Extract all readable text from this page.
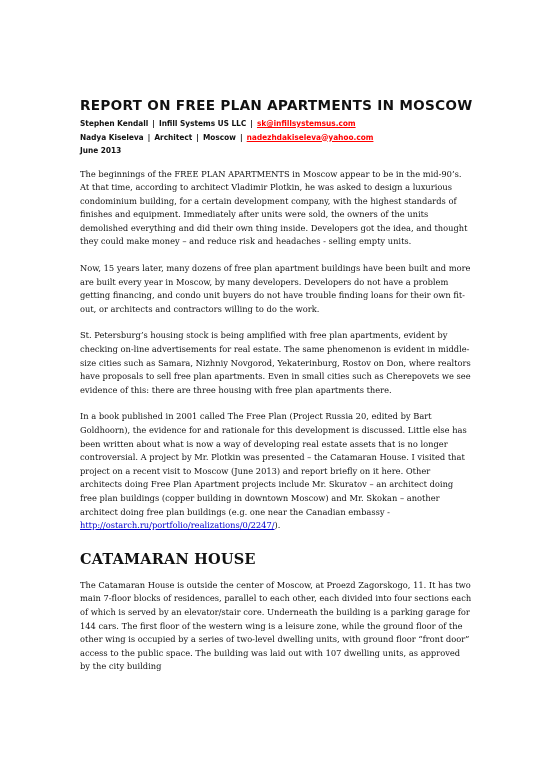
REPORT ON FREE PLAN APARTMENTS IN MOSCOW
Stephen Kendall | Infill Systems US LLC | sk@infillsystemsus.com
Nadya Kiseleva | Architect | Moscow | nadezhdakiseleva@yahoo.com
June 2013

The beginnings of the FREE PLAN APARTMENTS in Moscow appear to be in the mid-90’s. At that time, according to architect Vladimir Plotkin, he was asked to design a luxurious condominium building, for a certain development company, with the highest standards of finishes and equipment. Immediately after units were sold, the owners of the units demolished everything and did their own thing inside. Developers got the idea, and thought they could make money – and reduce risk and headaches - selling empty units.

Now, 15 years later, many dozens of free plan apartment buildings have been built and more are built every year in Moscow, by many developers. Developers do not have a problem getting financing, and condo unit buyers do not have trouble finding loans for their own fit-out, or architects and contractors willing to do the work.

St. Petersburg’s housing stock is being amplified with free plan apartments, evident by checking on-line advertisements for real estate. The same phenomenon is evident in middle-size cities such as Samara, Nizhniy Novgorod, Yekaterinburg, Rostov on Don, where realtors have proposals to sell free plan apartments. Even in small cities such as Cherepovets we see evidence of this: there are three housing with free plan apartments there.

In a book published in 2001 called The Free Plan (Project Russia 20, edited by Bart Goldhoorn), the evidence for and rationale for this development is discussed. Little else has been written about what is now a way of developing real estate assets that is no longer controversial. A project by Mr. Plotkin was presented – the Catamaran House. I visited that project on a recent visit to Moscow (June 2013) and report briefly on it here. Other architects doing Free Plan Apartment projects include Mr. Skuratov – an architect doing free plan buildings (copper building in downtown Moscow) and Mr. Skokan – another architect doing free plan buildings (e.g. one near the Canadian embassy - http://ostarch.ru/portfolio/realizations/0/2247/).

CATAMARAN HOUSE

The Catamaran House is outside the center of Moscow, at Proezd Zagorskogo, 11. It has two main 7-floor blocks of residences, parallel to each other, each divided into four sections each of which is served by an elevator/stair core. Underneath the building is a parking garage for 144 cars. The first floor of the western wing is a leisure zone, while the ground floor of the other wing is occupied by a series of two-level dwelling units, with ground floor “front door” access to the public space. The building was laid out with 107 dwelling units, as approved by the city building
